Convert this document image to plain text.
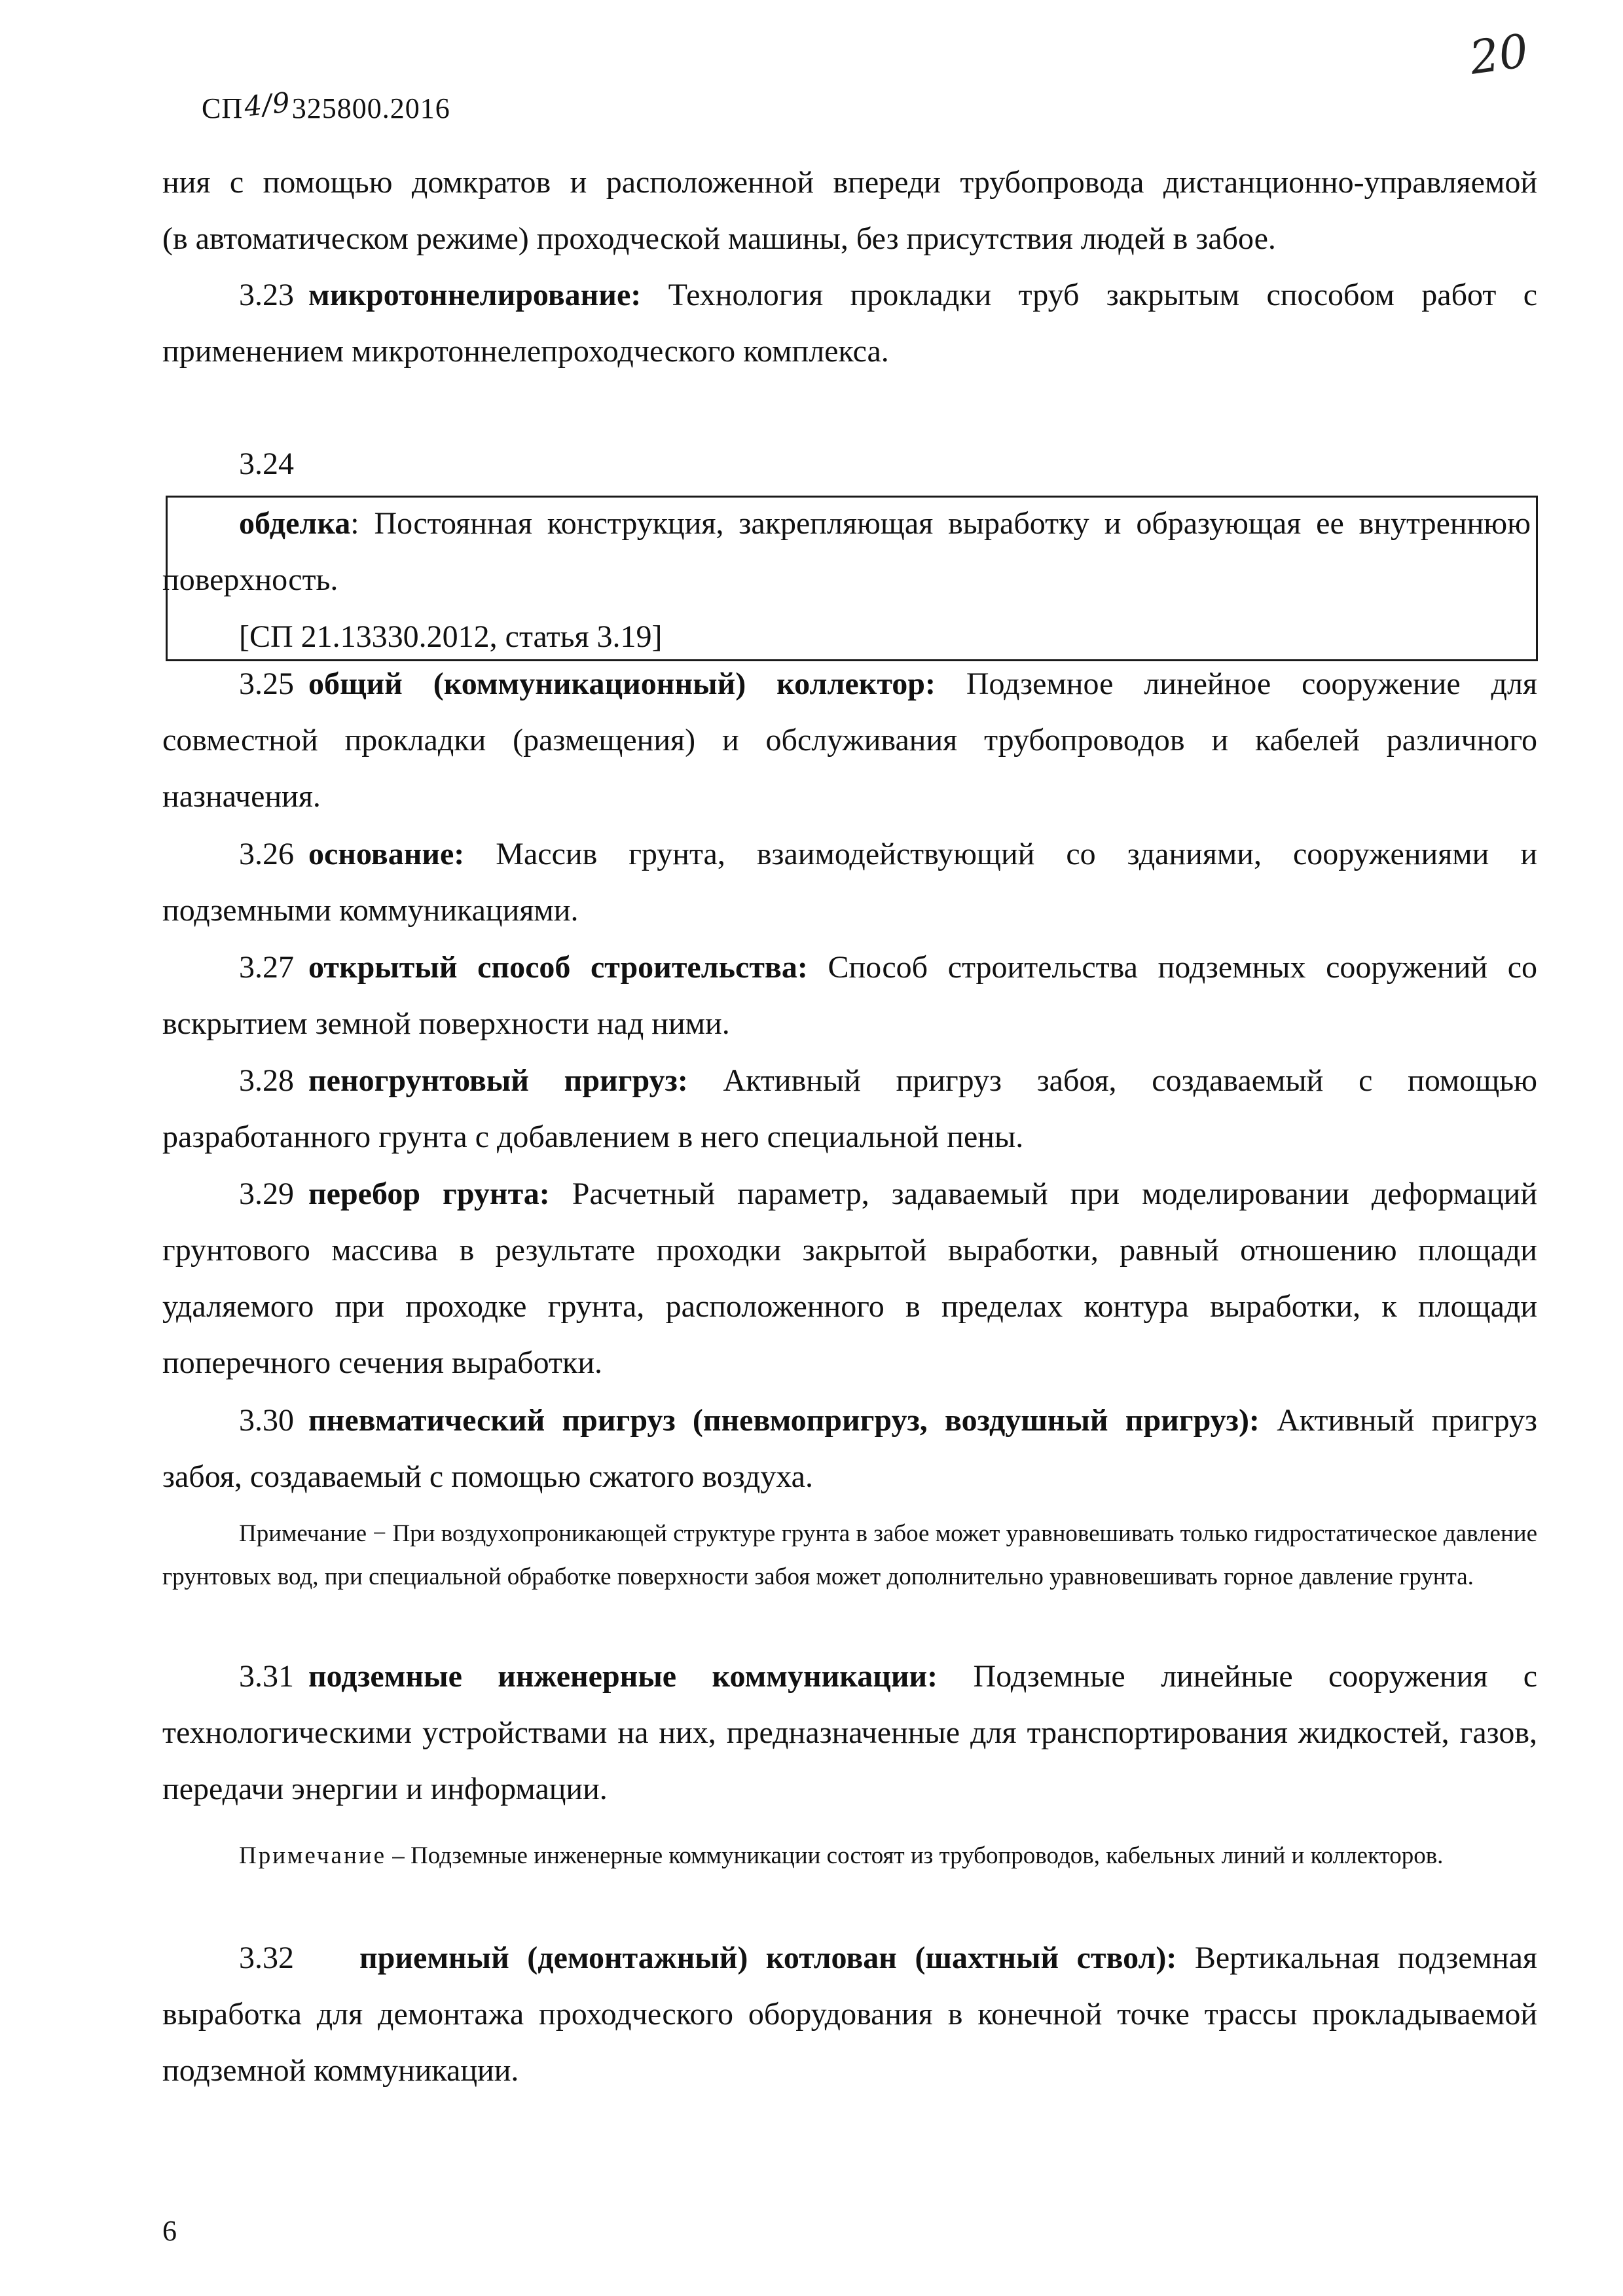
20
СП4/9325800.2016
ния с помощью домкратов и расположенной впереди трубопровода дистанционно-управляемой
(в автоматическом режиме) проходческой машины, без присутствия людей в забое.
3.23 микротоннелирование: Технология прокладки труб закрытым способом работ с применением микротоннелепроходческого комплекса.
3.24
обделка: Постоянная конструкция, закрепляющая выработку и образующая ее внутреннюю поверхность.
[СП 21.13330.2012, статья 3.19]
3.25 общий (коммуникационный) коллектор: Подземное линейное сооружение для совместной прокладки (размещения) и обслуживания трубопроводов и кабелей различного назначения.
3.26 основание: Массив грунта, взаимодействующий со зданиями, сооружениями и подземными коммуникациями.
3.27 открытый способ строительства: Способ строительства подземных сооружений со вскрытием земной поверхности над ними.
3.28 пеногрунтовый пригруз: Активный пригруз забоя, создаваемый с помощью разработанного грунта с добавлением в него специальной пены.
3.29 перебор грунта: Расчетный параметр, задаваемый при моделировании деформаций грунтового массива в результате проходки закрытой выработки, равный отношению площади удаляемого при проходке грунта, расположенного в пределах контура выработки, к площади поперечного сечения выработки.
3.30 пневматический пригруз (пневмопригруз, воздушный пригруз): Активный пригруз забоя, создаваемый с помощью сжатого воздуха.
Примечание − При воздухопроникающей структуре грунта в забое может уравновешивать только гидростатическое давление грунтовых вод, при специальной обработке поверхности забоя может дополнительно уравновешивать горное давление грунта.
3.31 подземные инженерные коммуникации: Подземные линейные сооружения с технологическими устройствами на них, предназначенные для транспортирования жидкостей, газов, передачи энергии и информации.
Примечание – Подземные инженерные коммуникации состоят из трубопроводов, кабельных линий и коллекторов.
3.32 приемный (демонтажный) котлован (шахтный ствол): Вертикальная подземная выработка для демонтажа проходческого оборудования в конечной точке трассы прокладываемой подземной коммуникации.
6
